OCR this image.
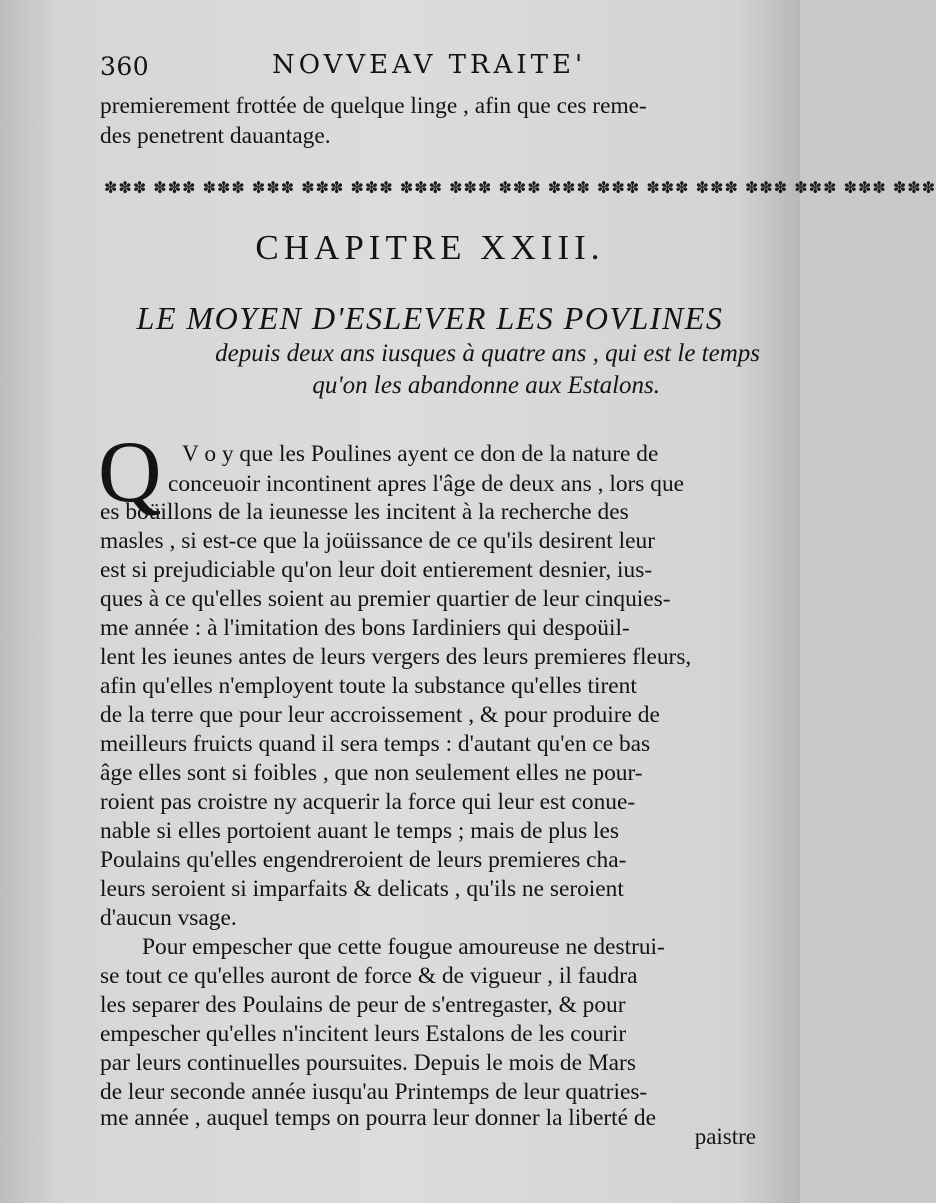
360	NOVVEAV TRAITE'
premierement frottée de quelque linge , afin que ces reme-
des penetrent dauantage.
✽✽✽ ✽✽✽ ✽✽✽ ✽✽✽ ✽✽✽ ✽✽✽ ✽✽✽ ✽✽✽ ✽✽✽ ✽✽✽ ✽✽✽ ✽✽✽ ✽✽✽ ✽✽✽ ✽✽✽ ✽✽✽ ✽✽✽
CHAPITRE XXIII.
LE MOYEN D'ESLEVER LES POVLINES
depuis deux ans iusques à quatre ans , qui est le temps
qu'on les abandonne aux Estalons.
Q V o y que les Poulines ayent ce don de la nature de
conceuoir incontinent apres l'âge de deux ans , lors que
es boüillons de la ieunesse les incitent à la recherche des
masles , si est-ce que la joüissance de ce qu'ils desirent leur
est si prejudiciable qu'on leur doit entierement desnier, ius-
ques à ce qu'elles soient au premier quartier de leur cinquies-
me année : à l'imitation des bons Iardiniers qui despoüil-
lent les ieunes antes de leurs vergers des leurs premieres fleurs,
afin qu'elles n'employent toute la substance qu'elles tirent
de la terre que pour leur accroissement , & pour produire de
meilleurs fruicts quand il sera temps : d'autant qu'en ce bas
âge elles sont si foibles , que non seulement elles ne pour-
roient pas croistre ny acquerir la force qui leur est conue-
nable si elles portoient auant le temps ; mais de plus les
Poulains qu'elles engendreroient de leurs premieres cha-
leurs seroient si imparfaits & delicats , qu'ils ne seroient
d'aucun vsage.
Pour empescher que cette fougue amoureuse ne destrui-
se tout ce qu'elles auront de force & de vigueur , il faudra
les separer des Poulains de peur de s'entregaster, & pour
empescher qu'elles n'incitent leurs Estalons de les courir
par leurs continuelles poursuites. Depuis le mois de Mars
de leur seconde année iusqu'au Printemps de leur quatries-
me année , auquel temps on pourra leur donner la liberté de
paistre
